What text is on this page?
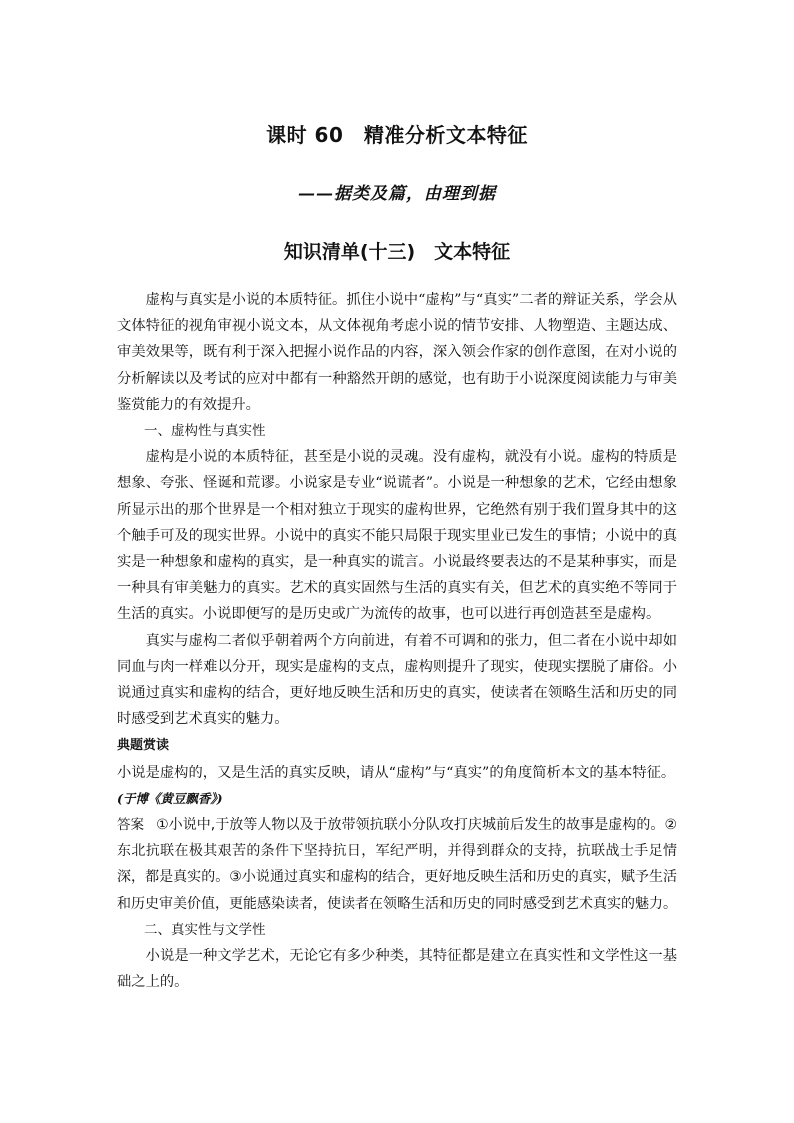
课时 60　精准分析文本特征
——据类及篇，由理到据
知识清单(十三)　文本特征

虚构与真实是小说的本质特征。抓住小说中“虚构”与“真实”二者的辩证关系，学会从文体特征的视角审视小说文本，从文体视角考虑小说的情节安排、人物塑造、主题达成、审美效果等，既有利于深入把握小说作品的内容，深入领会作家的创作意图，在对小说的分析解读以及考试的应对中都有一种豁然开朗的感觉，也有助于小说深度阅读能力与审美鉴赏能力的有效提升。

一、虚构性与真实性

虚构是小说的本质特征，甚至是小说的灵魂。没有虚构，就没有小说。虚构的特质是想象、夸张、怪诞和荒谬。小说家是专业“说谎者”。小说是一种想象的艺术，它经由想象所显示出的那个世界是一个相对独立于现实的虚构世界，它绝然有别于我们置身其中的这个触手可及的现实世界。小说中的真实不能只局限于现实里业已发生的事情；小说中的真实是一种想象和虚构的真实，是一种真实的谎言。小说最终要表达的不是某种事实，而是一种具有审美魅力的真实。艺术的真实固然与生活的真实有关，但艺术的真实绝不等同于生活的真实。小说即便写的是历史或广为流传的故事，也可以进行再创造甚至是虚构。

真实与虚构二者似乎朝着两个方向前进，有着不可调和的张力，但二者在小说中却如同血与肉一样难以分开，现实是虚构的支点，虚构则提升了现实，使现实摆脱了庸俗。小说通过真实和虚构的结合，更好地反映生活和历史的真实，使读者在领略生活和历史的同时感受到艺术真实的魅力。

典题赏读

小说是虚构的，又是生活的真实反映，请从“虚构”与“真实”的角度简析本文的基本特征。
(于博《黄豆飘香》)

答案 ①小说中,于放等人物以及于放带领抗联小分队攻打庆城前后发生的故事是虚构的。②东北抗联在极其艰苦的条件下坚持抗日，军纪严明，并得到群众的支持，抗联战士手足情深，都是真实的。③小说通过真实和虚构的结合，更好地反映生活和历史的真实，赋予生活和历史审美价值，更能感染读者，使读者在领略生活和历史的同时感受到艺术真实的魅力。

二、真实性与文学性

小说是一种文学艺术，无论它有多少种类，其特征都是建立在真实性和文学性这一基础之上的。
